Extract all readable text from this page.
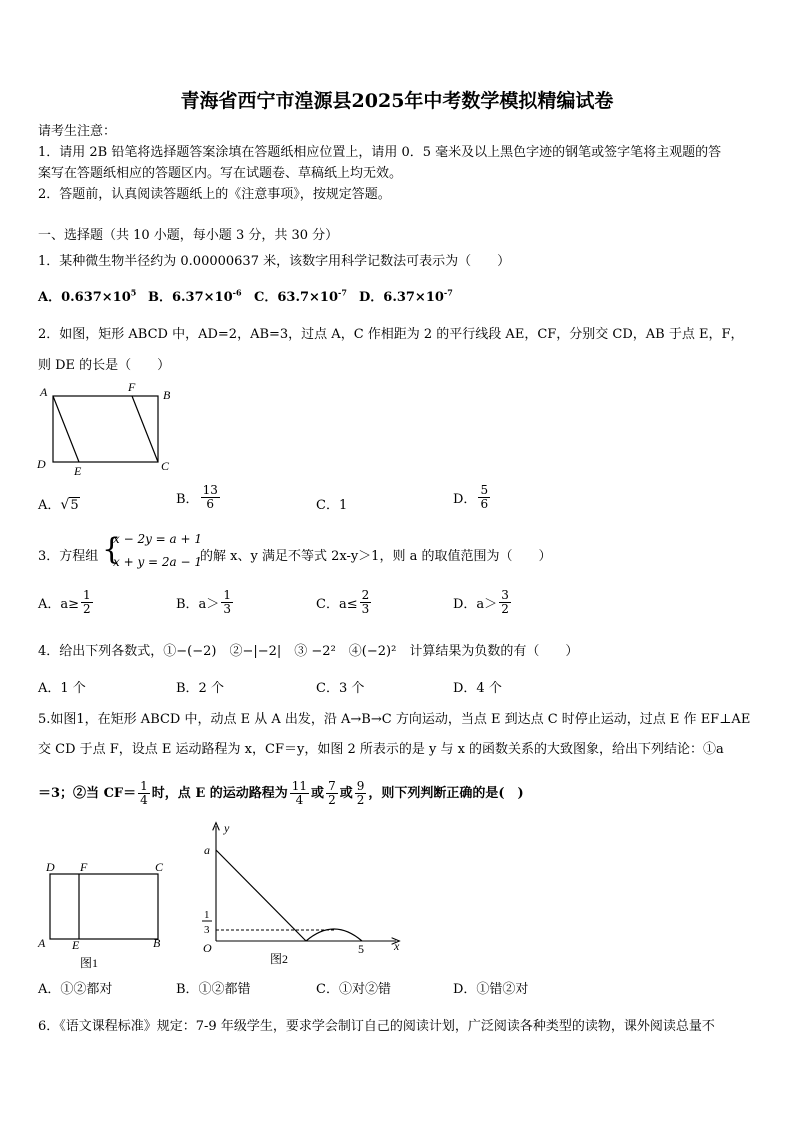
青海省西宁市湟源县2025年中考数学模拟精编试卷
请考生注意：
1．请用 2B 铅笔将选择题答案涂填在答题纸相应位置上，请用 0．5 毫米及以上黑色字迹的钢笔或签字笔将主观题的答
案写在答题纸相应的答题区内。写在试题卷、草稿纸上均无效。
2．答题前，认真阅读答题纸上的《注意事项》，按规定答题。
一、选择题（共 10 小题，每小题 3 分，共 30 分）
1．某种微生物半径约为 0.00000637 米，该数字用科学记数法可表示为（　　）
A．$0.637\times 10^5$ B．$6.37\times 10^{-6}$ C．$63.7\times 10^{-7}$ D．$6.37\times 10^{-7}$
2．如图，矩形 ABCD 中，AD=2，AB=3，过点 A，C 作相距为 2 的平行线段 AE，CF，分别交 CD，AB 于点 E，F，
则 DE 的长是（　　）
A	F
B
D E	C
A．√5	B． $\frac{13}{6}$	C．1	D． $\frac{5}{6}$
3．方程组 {
x − 2y = a + 1
x + y = 2a − 1
的解 x、y 满足不等式 2x-y＞1，则 a 的取值范围为（　　）
A．$a\ge \frac{1}{2}$	B．$a> \frac{1}{3}$	C．$a\le \frac{2}{3}$	D．$a> \frac{3}{2}$
4．给出下列各数式，①−(−2)　②−|−2|　③ −2²　④(−2)²　计算结果为负数的有（　　）
A．1 个	B．2 个	C．3 个	D．4 个
5.如图1，在矩形 ABCD 中，动点 E 从 A 出发，沿 A→B→C 方向运动，当点 E 到达点 C 时停止运动，过点 E 作 EF⊥AE
交 CD 于点 F，设点 E 运动路程为 x，CF＝y，如图 2 所表示的是 y 与 x 的函数关系的大致图象，给出下列结论：①a
＝3；②当 $CF= \frac{1}{4}$ 时，点 E 的运动路程为 $\frac{11}{4}$ 或 $\frac{7}{2}$ 或 $\frac{9}{2}$ ，则下列判断正确的是(　)
D F	C
A E	B
图1
y
a
1
3
O	5	x
图2
A．①②都对	B．①②都错	C．①对②错	D．①错②对
6．《语文课程标准》规定：7-9 年级学生，要求学会制订自己的阅读计划，广泛阅读各种类型的读物，课外阅读总量不
